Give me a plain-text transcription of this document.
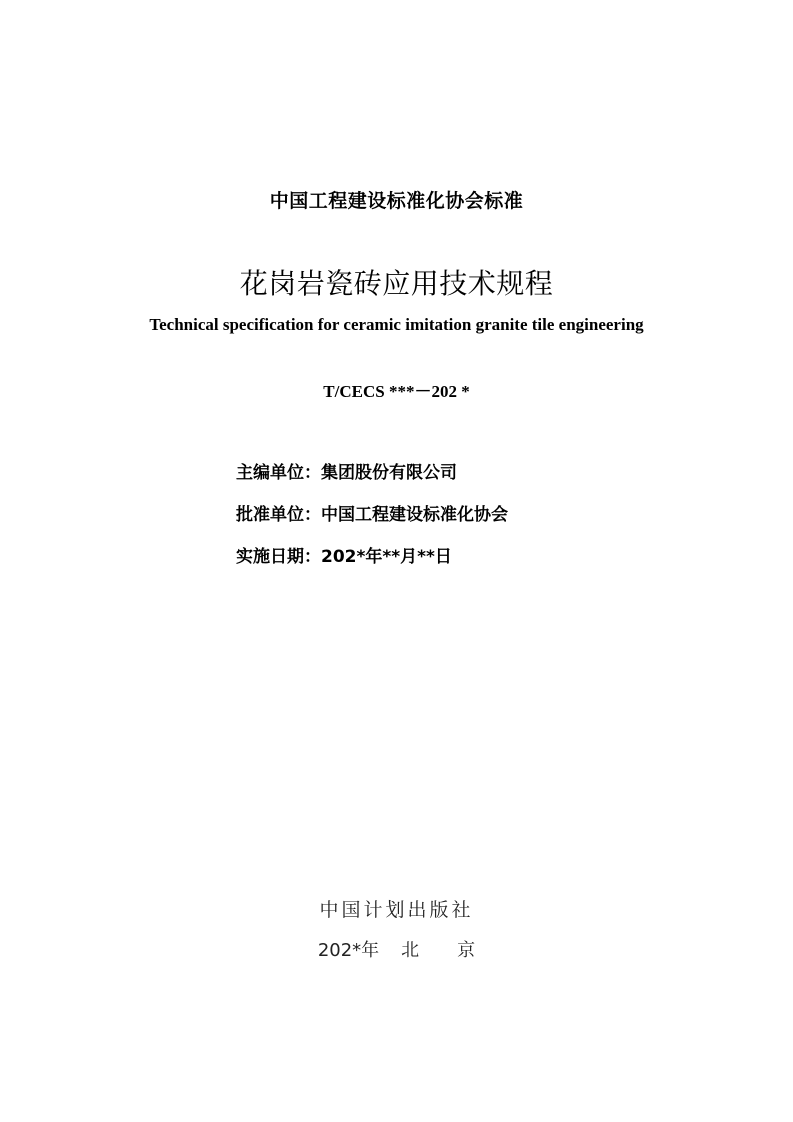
中国工程建设标准化协会标准
花岗岩瓷砖应用技术规程
Technical specification for ceramic imitation granite tile engineering
T/CECS ***－202 *
主编单位：集团股份有限公司
批准单位：中国工程建设标准化协会
实施日期：202*年**月**日
中国计划出版社
202*年 北 京
